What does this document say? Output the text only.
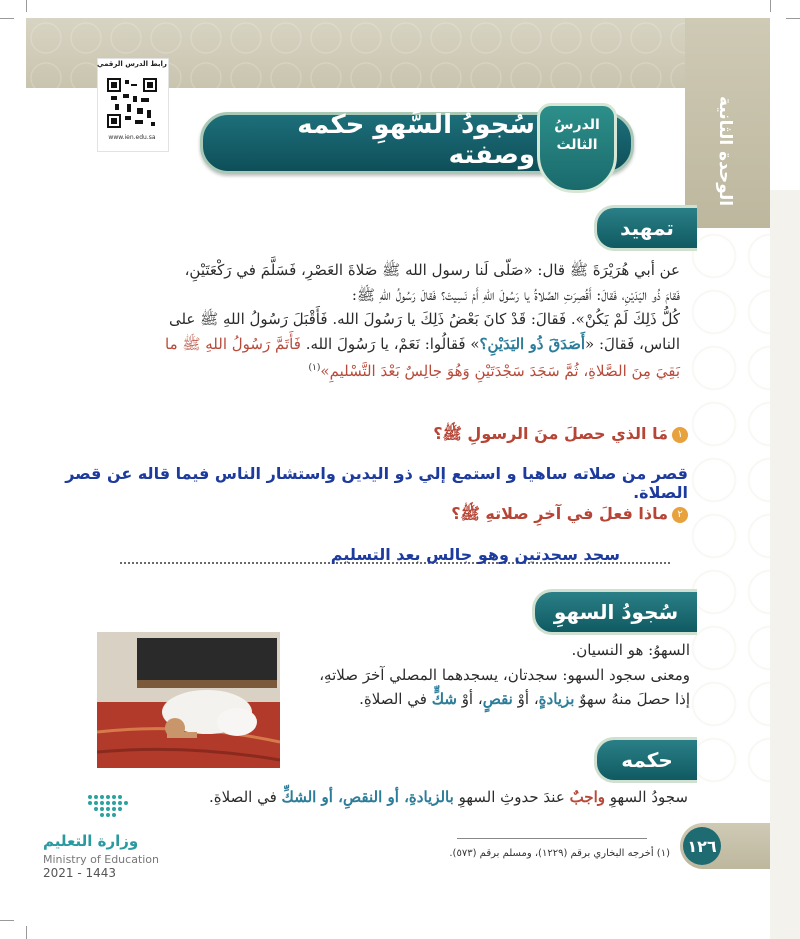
الوحدة الثانية
رابط الدرس الرقمي
www.ien.edu.sa	سُجودُ السَّهوِ حكمه وصفته
الدرسُ
الثالث
تمهيد
عن أبي هُرَيْرَةَ ﷺ قال: «صَلّى لَنا رسول الله ﷺ صَلاةَ العَصْرِ، فَسَلَّمَ في رَكْعَتَيْنِ،
فَقامَ ذُو اليَدَيْنِ، فَقالَ: أَقُصِرَتِ الصَّلاةُ يا رَسُولَ اللهِ أَمْ نَسِيتَ؟ فَقالَ رَسُولُ اللهِ ﷺ:
كُلُّ ذَلِكَ لَمْ يَكُنْ». فَقالَ: قَدْ كانَ بَعْضُ ذَلِكَ يا رَسُولَ الله. فَأَقْبَلَ رَسُولُ اللهِ ﷺ على
الناس، فَقالَ: «أَصَدَقَ ذُو اليَدَيْنِ؟» فَقالُوا: نَعَمْ، يا رَسُولَ الله. فَأَتَمَّ رَسُولُ اللهِ ﷺ ما
بَقِيَ مِنَ الصَّلاةِ، ثُمَّ سَجَدَ سَجْدَتَيْنِ وَهُوَ جالِسٌ بَعْدَ التَّسْليمِ»$^{(١)}$
١مَا الذي حصلَ منَ الرسولِ ﷺ؟
قصر من صلاته ساهيا و استمع إلي ذو اليدين واستشار الناس فيما قاله عن قصر الصلاة.
٢ماذا فعلَ في آخرِ صلاتهِ ﷺ؟
سجد سجدتين وهو جالس بعد التسليم
سُجودُ السهوِ
السهوُ: هو النسيان.
ومعنى سجود السهو: سجدتان، يسجدهما المصلي آخرَ صلاتهِ،
إذا حصلَ منهُ سهوٌ بزيادةٍ، أوْ نقصٍ، أوْ شكٍّ في الصلاةِ.
حكمه
سجودُ السهوِ واجبٌ عندَ حدوثِ السهوِ بالزيادةِ، أو النقصِ، أو الشكِّ في الصلاةِ.
وزارة التعليم
Ministry of Education
2021 - 1443
(١) أخرجه البخاري برقم (١٢٢٩)، ومسلم برقم (٥٧٣). ١٢٦
